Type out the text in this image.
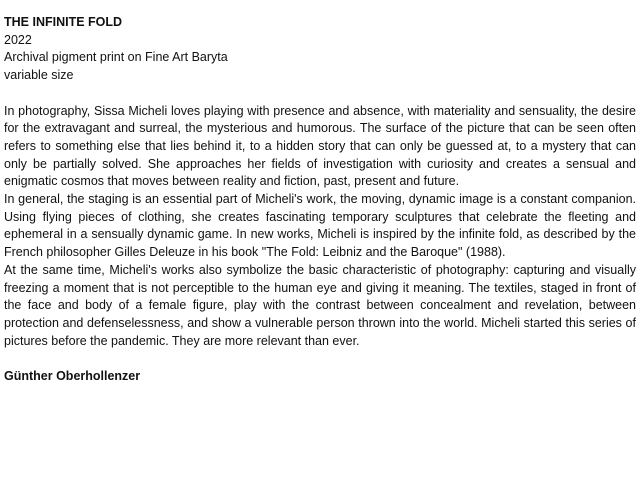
THE INFINITE FOLD

2022

Archival pigment print on Fine Art Baryta

variable size

In photography, Sissa Micheli loves playing with presence and absence, with materiality and sensuality, the desire for the extravagant and surreal, the mysterious and humorous. The surface of the picture that can be seen often refers to something else that lies behind it, to a hidden story that can only be guessed at, to a mystery that can only be partially solved. She approaches her fields of investigation with curiosity and creates a sensual and enigmatic cosmos that moves between reality and fiction, past, present and future.

In general, the staging is an essential part of Micheli's work, the moving, dynamic image is a constant companion. Using flying pieces of clothing, she creates fascinating temporary sculptures that celebrate the fleeting and ephemeral in a sensually dynamic game. In new works, Micheli is inspired by the infinite fold, as described by the French philosopher Gilles Deleuze in his book "The Fold: Leibniz and the Baroque" (1988).

At the same time, Micheli's works also symbolize the basic characteristic of photography: capturing and visually freezing a moment that is not perceptible to the human eye and giving it meaning. The textiles, staged in front of the face and body of a female figure, play with the contrast between concealment and revelation, between protection and defenselessness, and show a vulnerable person thrown into the world. Micheli started this series of pictures before the pandemic. They are more relevant than ever.

Günther Oberhollenzer
